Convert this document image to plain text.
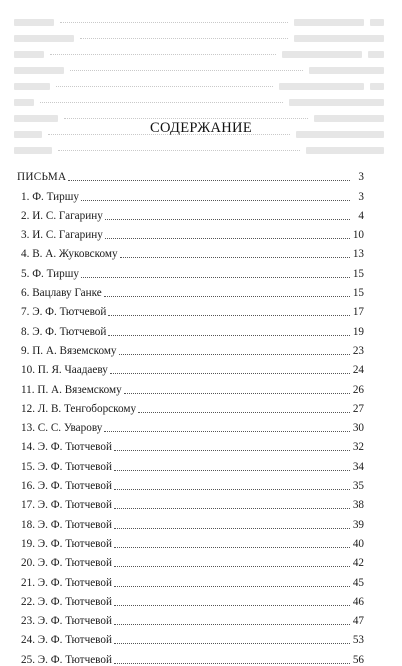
СОДЕРЖАНИЕ
ПИСЬМА	3
1. Ф. Тиршу	3
2. И. С. Гагарину	4
3. И. С. Гагарину	10
4. В. А. Жуковскому	13
5. Ф. Тиршу	15
6. Вацлаву Ганке	15
7. Э. Ф. Тютчевой	17
8. Э. Ф. Тютчевой	19
9. П. А. Вяземскому	23
10. П. Я. Чаадаеву	24
11. П. А. Вяземскому	26
12. Л. В. Тенгоборскому	27
13. С. С. Уварову	30
14. Э. Ф. Тютчевой	32
15. Э. Ф. Тютчевой	34
16. Э. Ф. Тютчевой	35
17. Э. Ф. Тютчевой	38
18. Э. Ф. Тютчевой	39
19. Э. Ф. Тютчевой	40
20. Э. Ф. Тютчевой	42
21. Э. Ф. Тютчевой	45
22. Э. Ф. Тютчевой	46
23. Э. Ф. Тютчевой	47
24. Э. Ф. Тютчевой	53
25. Э. Ф. Тютчевой	56
